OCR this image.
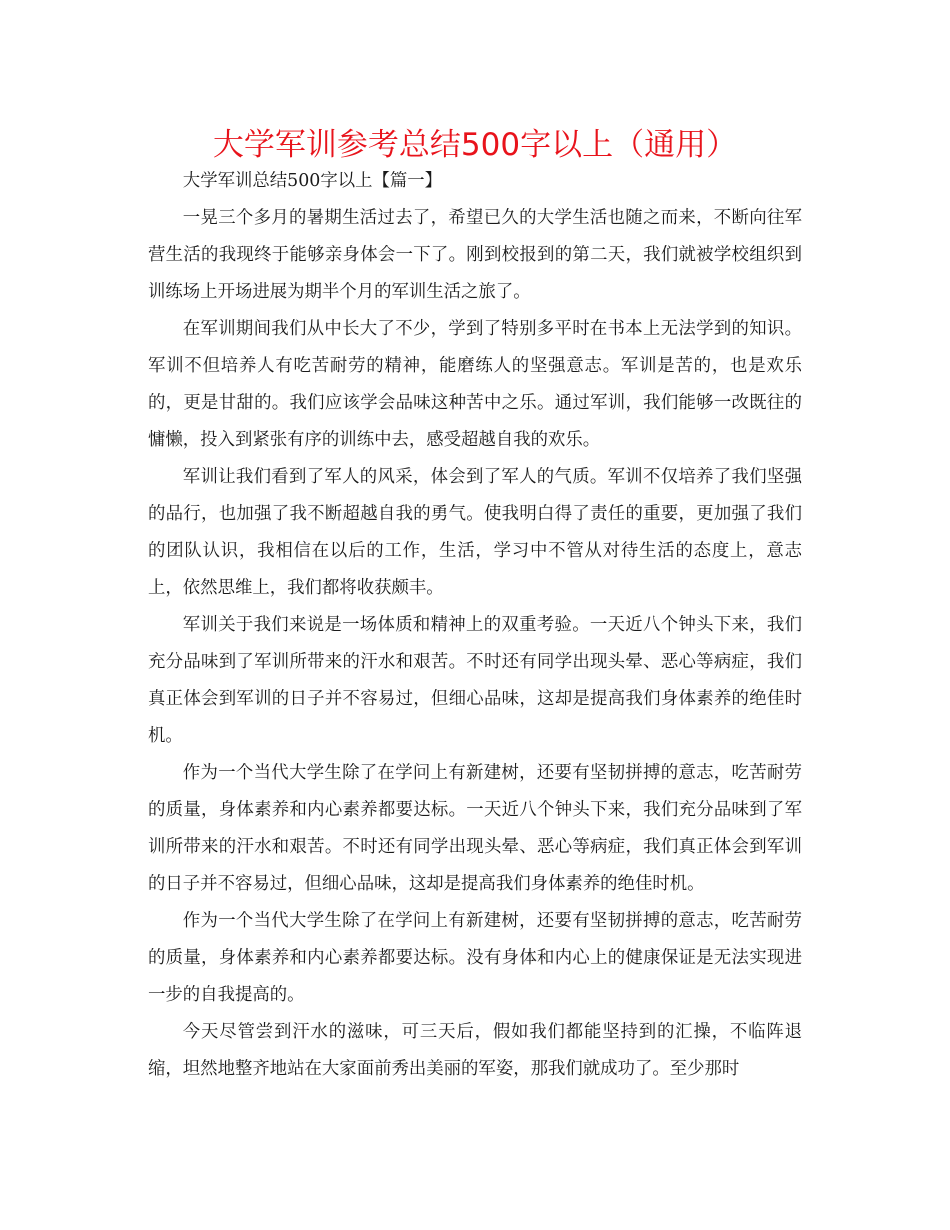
大学军训参考总结500字以上（通用）
大学军训总结500字以上【篇一】

一晃三个多月的暑期生活过去了，希望已久的大学生活也随之而来，不断向往军营生活的我现终于能够亲身体会一下了。刚到校报到的第二天，我们就被学校组织到训练场上开场进展为期半个月的军训生活之旅了。

在军训期间我们从中长大了不少，学到了特别多平时在书本上无法学到的知识。军训不但培养人有吃苦耐劳的精神，能磨练人的坚强意志。军训是苦的，也是欢乐的，更是甘甜的。我们应该学会品味这种苦中之乐。通过军训，我们能够一改既往的慵懒，投入到紧张有序的训练中去，感受超越自我的欢乐。

军训让我们看到了军人的风采，体会到了军人的气质。军训不仅培养了我们坚强的品行，也加强了我不断超越自我的勇气。使我明白得了责任的重要，更加强了我们的团队认识，我相信在以后的工作，生活，学习中不管从对待生活的态度上，意志上，依然思维上，我们都将收获颇丰。

军训关于我们来说是一场体质和精神上的双重考验。一天近八个钟头下来，我们充分品味到了军训所带来的汗水和艰苦。不时还有同学出现头晕、恶心等病症，我们真正体会到军训的日子并不容易过，但细心品味，这却是提高我们身体素养的绝佳时机。

作为一个当代大学生除了在学问上有新建树，还要有坚韧拼搏的意志，吃苦耐劳的质量，身体素养和内心素养都要达标。一天近八个钟头下来，我们充分品味到了军训所带来的汗水和艰苦。不时还有同学出现头晕、恶心等病症，我们真正体会到军训的日子并不容易过，但细心品味，这却是提高我们身体素养的绝佳时机。

作为一个当代大学生除了在学问上有新建树，还要有坚韧拼搏的意志，吃苦耐劳的质量，身体素养和内心素养都要达标。没有身体和内心上的健康保证是无法实现进一步的自我提高的。

今天尽管尝到汗水的滋味，可三天后，假如我们都能坚持到的汇操，不临阵退缩，坦然地整齐地站在大家面前秀出美丽的军姿，那我们就成功了。至少那时
